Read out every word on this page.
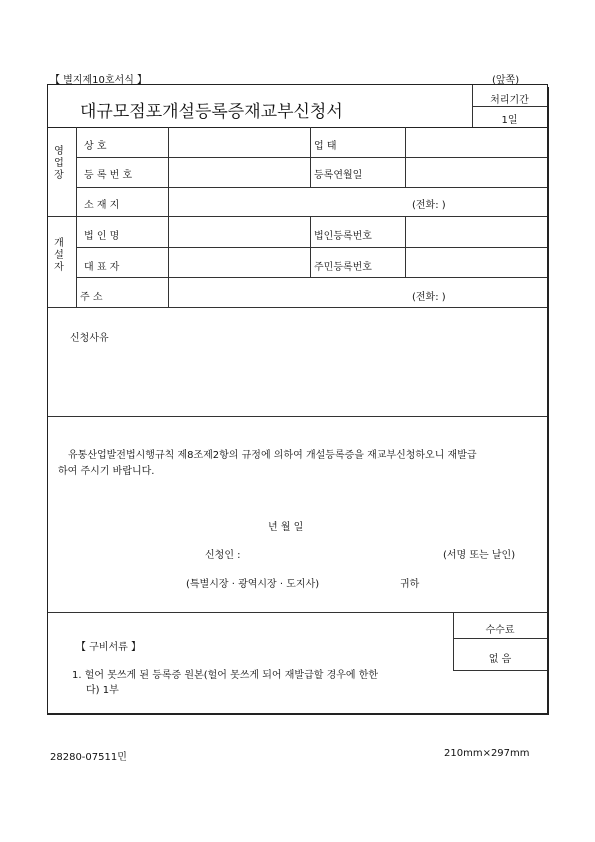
【 별지제10호서식 】	(앞쪽)
대규모점포개설등록증재교부신청서
처리기간
1일
영
업
장
상 호	업 태
등 록 번 호	등록연월일
소 재 지	(전화: )
개
설
자
법 인 명	법인등록번호
대 표 자	주민등록번호
주 소	(전화: )
신청사유
유통산업발전법시행규칙 제8조제2항의 규정에 의하여 개설등록증을 재교부신청하오니 재발급
하여 주시기 바랍니다.
년 월 일
신청인 :	(서명 또는 날인)
(특별시장 · 광역시장 · 도지사)	귀하
【 구비서류 】
1. 헐어 못쓰게 된 등록증 원본(헐어 못쓰게 되어 재발급할 경우에 한한
다) 1부
수수료
없 음
28280-07511민	210mm×297mm
